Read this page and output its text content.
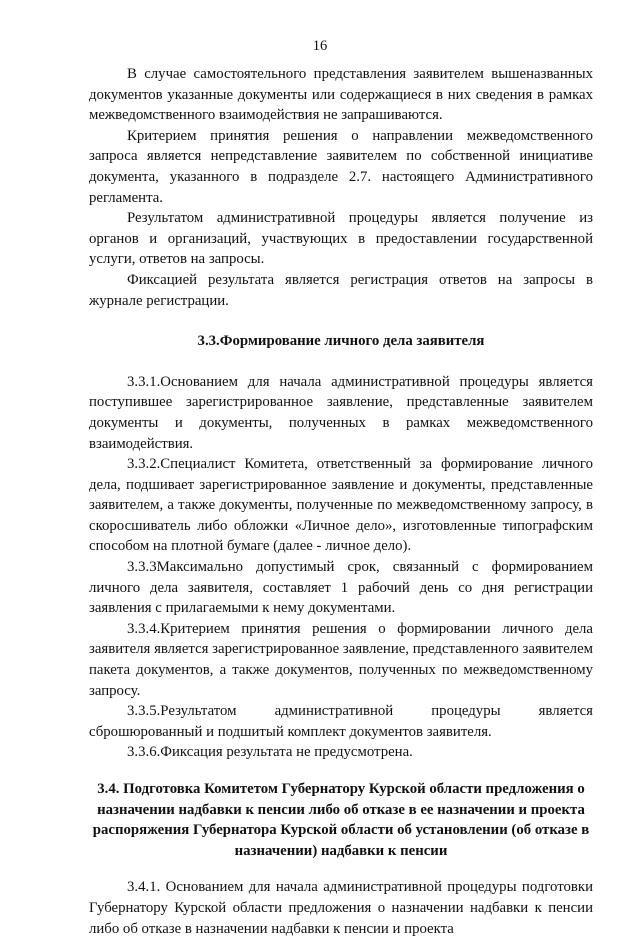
16

В случае самостоятельного представления заявителем вышеназванных документов указанные документы или содержащиеся в них сведения в рамках межведомственного взаимодействия не запрашиваются.

Критерием принятия решения о направлении межведомственного запроса является непредставление заявителем по собственной инициативе документа, указанного в подразделе 2.7. настоящего Административного регламента.

Результатом административной процедуры является получение из органов и организаций, участвующих в предоставлении государственной услуги, ответов на запросы.

Фиксацией результата является регистрация ответов на запросы в журнале регистрации.

3.3.Формирование личного дела заявителя

3.3.1.Основанием для начала административной процедуры является поступившее зарегистрированное заявление, представленные заявителем документы и документы, полученных в рамках межведомственного взаимодействия.

3.3.2.Специалист Комитета, ответственный за формирование личного дела, подшивает зарегистрированное заявление и документы, представленные заявителем, а также документы, полученные по межведомственному запросу, в скоросшиватель либо обложки «Личное дело», изготовленные типографским способом на плотной бумаге (далее - личное дело).

3.3.3Максимально допустимый срок, связанный с формированием личного дела заявителя, составляет 1 рабочий день со дня регистрации заявления с прилагаемыми к нему документами.

3.3.4.Критерием принятия решения о формировании личного дела заявителя является зарегистрированное заявление, представленного заявителем пакета документов, а также документов, полученных по межведомственному запросу.

3.3.5.Результатом административной процедуры является сброшюрованный и подшитый комплект документов заявителя.

3.3.6.Фиксация результата не предусмотрена.

3.4. Подготовка Комитетом Губернатору Курской области предложения о назначении надбавки к пенсии либо об отказе в ее назначении и проекта распоряжения Губернатора Курской области об установлении (об отказе в назначении) надбавки к пенсии

3.4.1. Основанием для начала административной процедуры подготовки Губернатору Курской области предложения о назначении надбавки к пенсии либо об отказе в назначении надбавки к пенсии и проекта
